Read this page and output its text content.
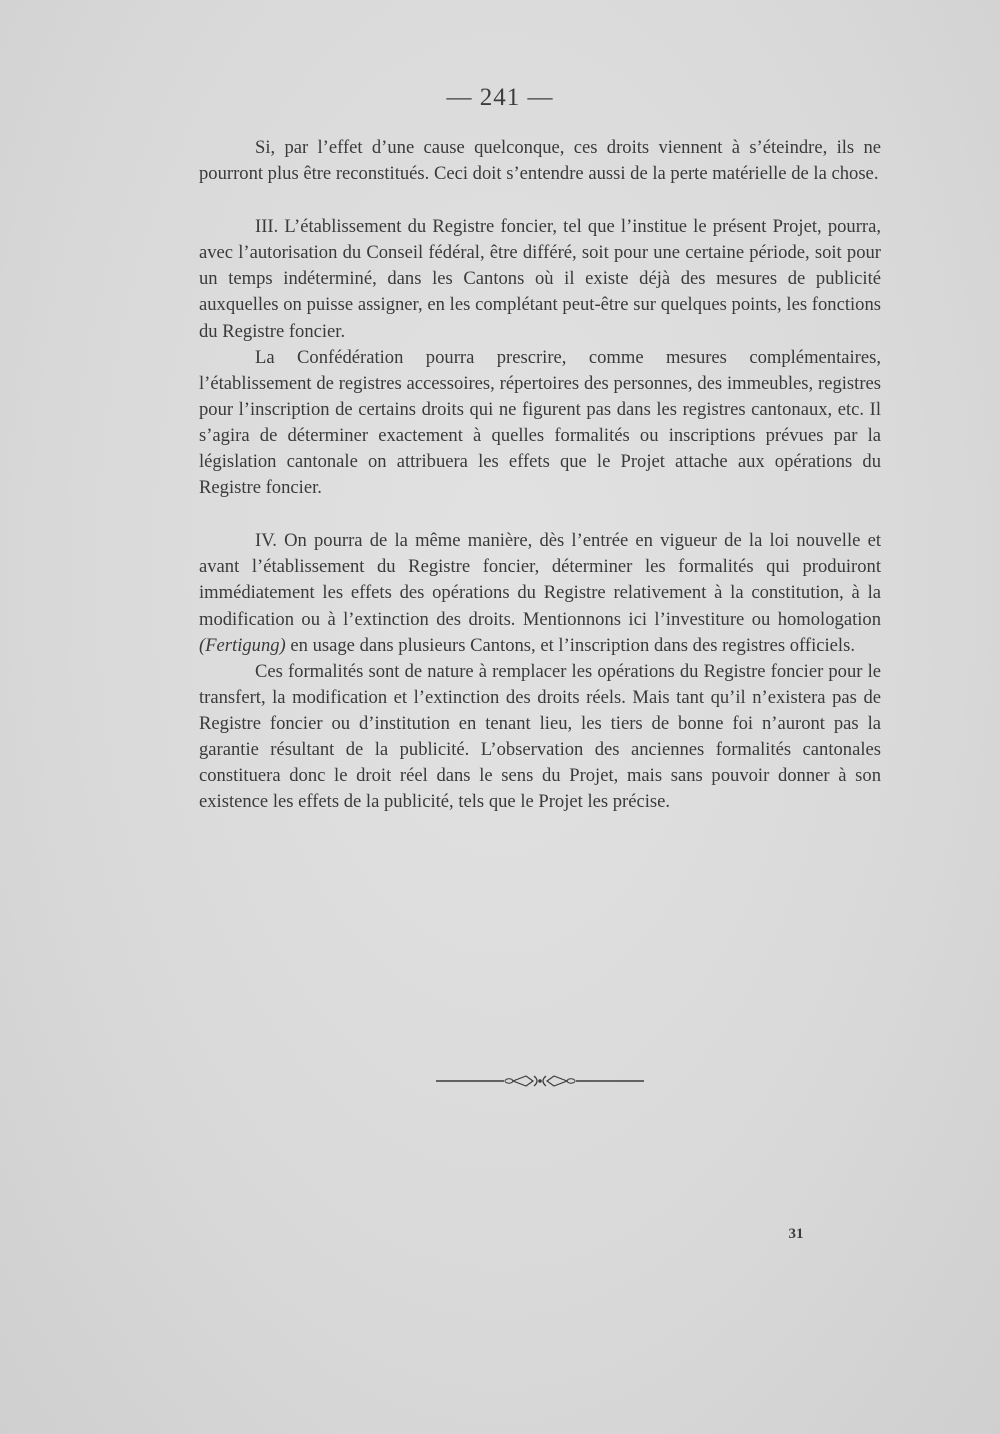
— 241 —

Si, par l’effet d’une cause quelconque, ces droits viennent à s’éteindre, ils ne pourront plus être reconstitués. Ceci doit s’entendre aussi de la perte matérielle de la chose.

III. L’établissement du Registre foncier, tel que l’institue le présent Projet, pourra, avec l’autorisation du Conseil fédéral, être différé, soit pour une certaine période, soit pour un temps indéterminé, dans les Cantons où il existe déjà des mesures de publicité auxquelles on puisse assigner, en les complétant peut-être sur quelques points, les fonctions du Registre foncier.

La Confédération pourra prescrire, comme mesures complémentaires, l’établissement de registres accessoires, répertoires des personnes, des immeubles, registres pour l’inscription de certains droits qui ne figurent pas dans les registres cantonaux, etc. Il s’agira de déterminer exactement à quelles formalités ou inscriptions prévues par la législation cantonale on attribuera les effets que le Projet attache aux opérations du Registre foncier.

IV. On pourra de la même manière, dès l’entrée en vigueur de la loi nouvelle et avant l’établissement du Registre foncier, déterminer les formalités qui produiront immédiatement les effets des opérations du Registre relativement à la constitution, à la modification ou à l’extinction des droits. Mentionnons ici l’investiture ou homologation (Fertigung) en usage dans plusieurs Cantons, et l’inscription dans des registres officiels.

Ces formalités sont de nature à remplacer les opérations du Registre foncier pour le transfert, la modification et l’extinction des droits réels. Mais tant qu’il n’existera pas de Registre foncier ou d’institution en tenant lieu, les tiers de bonne foi n’auront pas la garantie résultant de la publicité. L’observation des anciennes formalités cantonales constituera donc le droit réel dans le sens du Projet, mais sans pouvoir donner à son existence les effets de la publicité, tels que le Projet les précise.

31
